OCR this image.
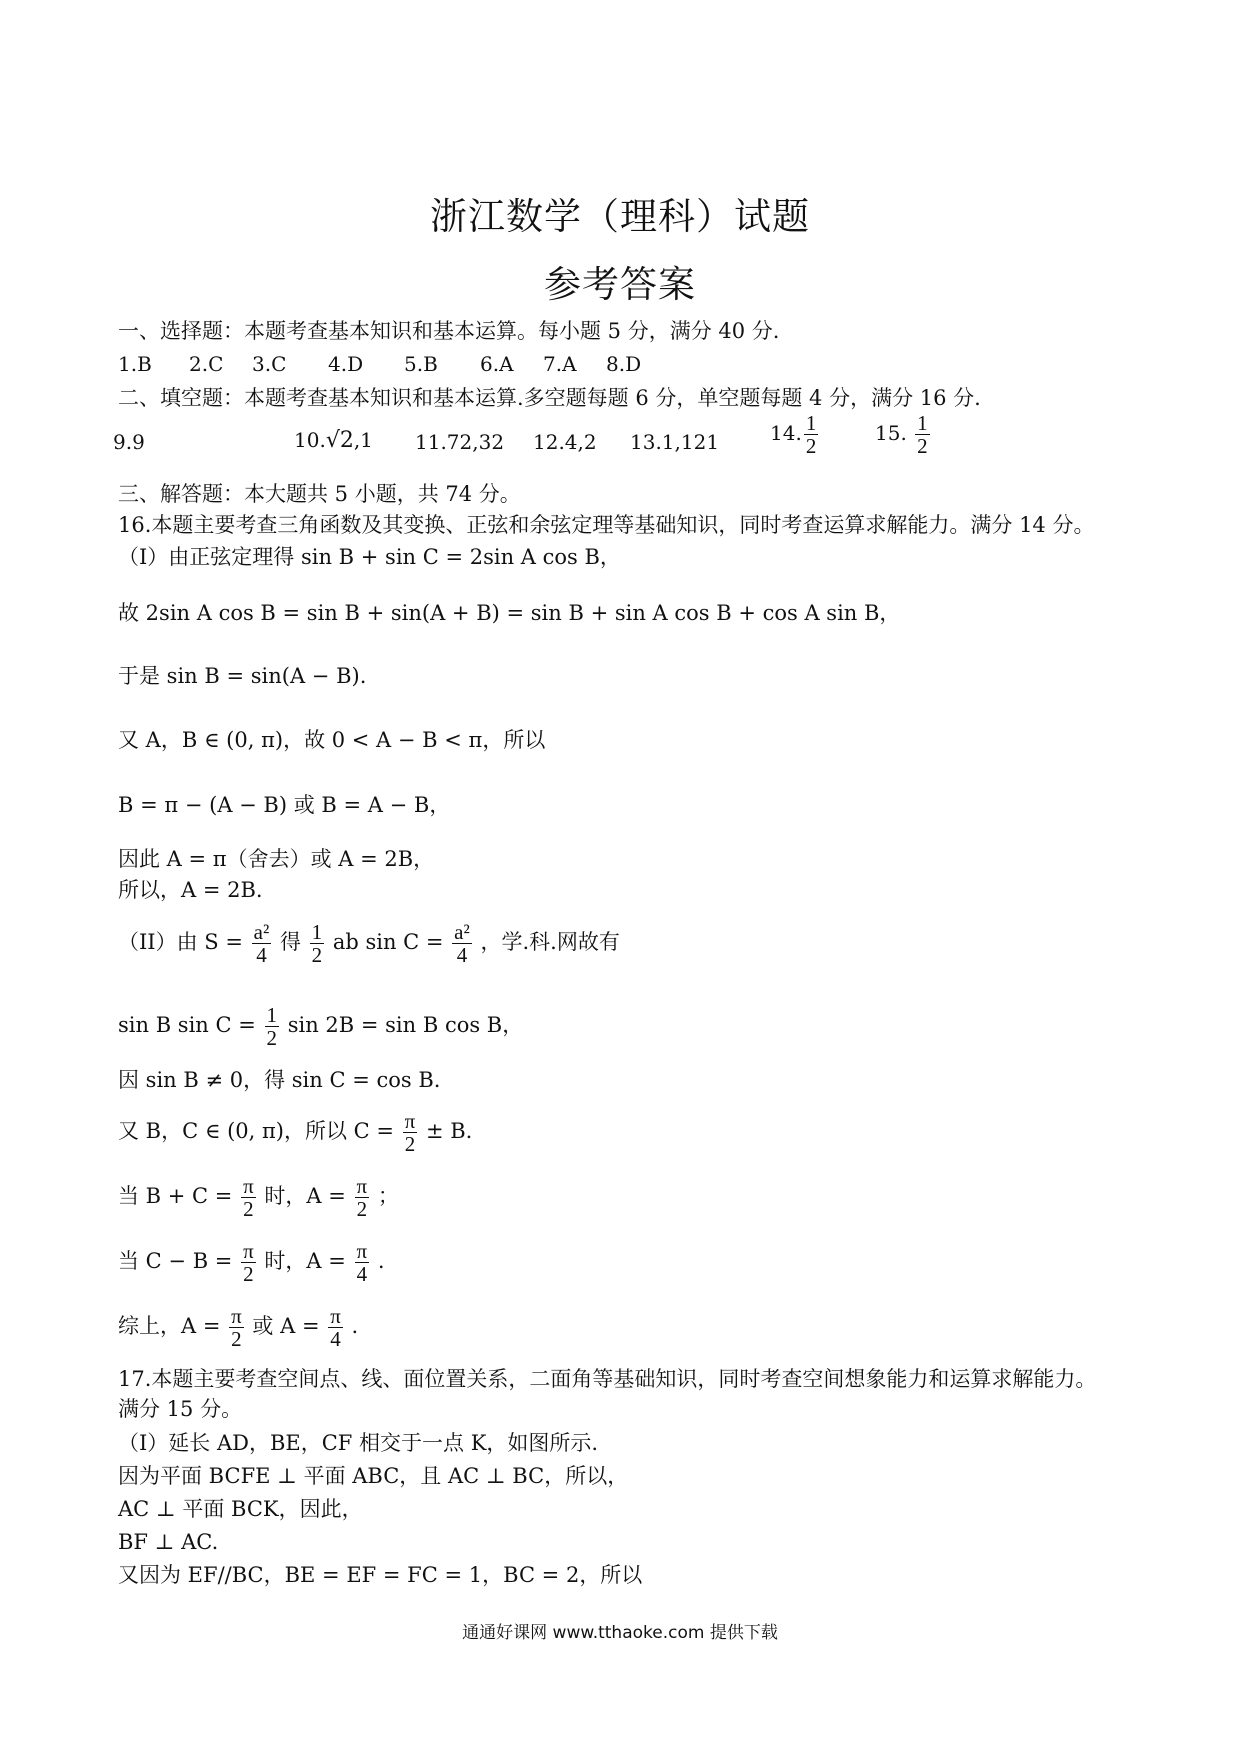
浙江数学（理科）试题
参考答案
一、选择题：本题考查基本知识和基本运算。每小题 5 分，满分 40 分.
1.B 2.C 3.C 4.D 5.B 6.A 7.A 8.D
二、填空题：本题考查基本知识和基本运算.多空题每题 6 分，单空题每题 4 分，满分 16 分.
9.9	10.√2,1 11.72,32 12.4,2 13.1,121	14. $\frac{1}{2}$	15. $\frac{1}{2}$
三、解答题：本大题共 5 小题，共 74 分。
16.本题主要考查三角函数及其变换、正弦和余弦定理等基础知识，同时考查运算求解能力。满分 14 分。
（I）由正弦定理得 sin B + sin C = 2sin A cos B，
故 2sin A cos B = sin B + sin(A + B) = sin B + sin A cos B + cos A sin B，
于是 sin B = sin(A − B).
又 A，B ∈ (0, π)，故 0 < A − B < π，所以
B = π − (A − B) 或 B = A − B，
因此 A = π（舍去）或 A = 2B，
所以，A = 2B.
（II）由 $S = \frac{\text{a²}}{4}$ 得 $\frac{1}{2}$ ab $\sin C = \frac{\text{a²}}{4}$ ，学.科.网故有
sin B $\sin C = \frac{1}{2}$ sin 2B = sin B cos B，
因 sin B ≠ 0，得 sin C = cos B.
又 B，C ∈ (0, π)，所以 $C = \frac{\pi}{2} \pm B$.
当 $B + C = \frac{\pi}{2}$ 时，$A = \frac{\pi}{2}$ ；
当 $C - B = \frac{\pi}{2}$ 时，$A = \frac{\pi}{4}$ .
综上，$A = \frac{\pi}{2}$ 或 $A = \frac{\pi}{4}$ .
17.本题主要考查空间点、线、面位置关系，二面角等基础知识，同时考查空间想象能力和运算求解能力。
满分 15 分。
（I）延长 AD，BE，CF 相交于一点 K，如图所示.
因为平面 BCFE ⊥ 平面 ABC，且 AC ⊥ BC，所以，
AC ⊥ 平面 BCK，因此，
BF ⊥ AC.
又因为 EF//BC，BE = EF = FC = 1，BC = 2，所以
通通好课网 www.tthaoke.com 提供下载
